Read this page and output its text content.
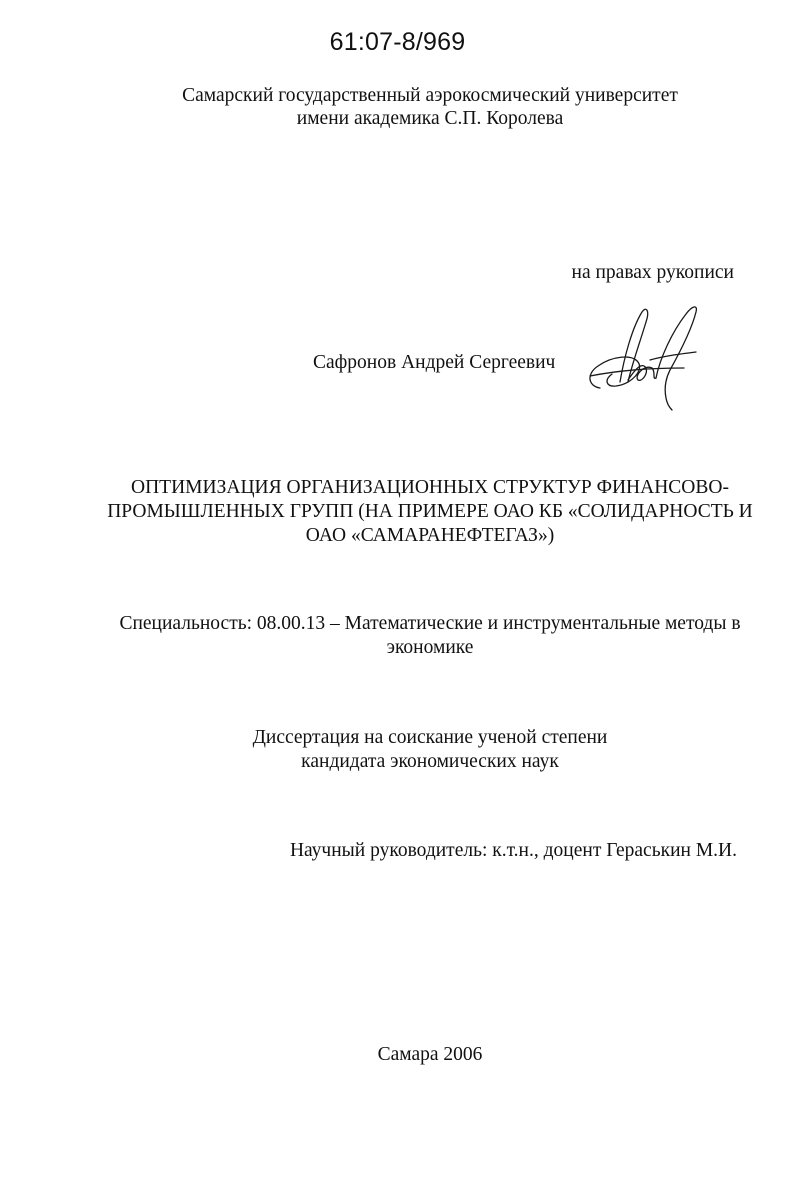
61:07-8/969
Самарский государственный аэрокосмический университет
имени академика С.П. Королева
на правах рукописи
Сафронов Андрей Сергеевич
ОПТИМИЗАЦИЯ ОРГАНИЗАЦИОННЫХ СТРУКТУР ФИНАНСОВО-
ПРОМЫШЛЕННЫХ ГРУПП (НА ПРИМЕРЕ ОАО КБ «СОЛИДАРНОСТЬ И
ОАО «САМАРАНЕФТЕГАЗ»)
Специальность: 08.00.13 – Математические и инструментальные методы в
экономике
Диссертация на соискание ученой степени
кандидата экономических наук
Научный руководитель: к.т.н., доцент Гераськин М.И.
Самара 2006
